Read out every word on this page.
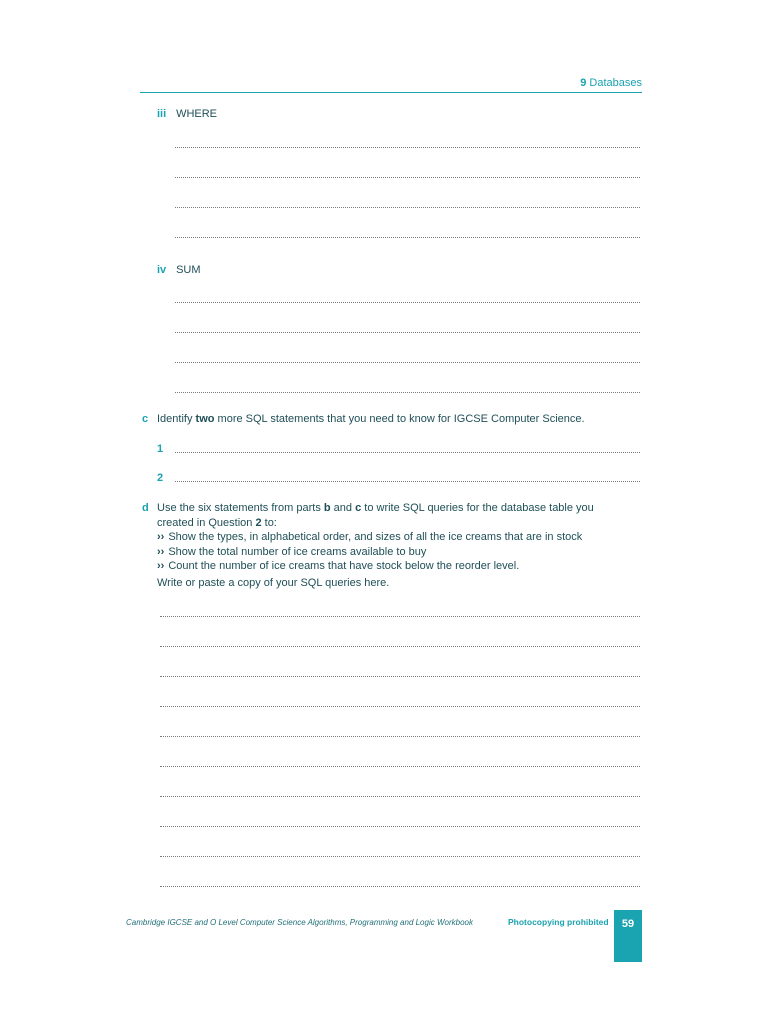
9 Databases
iii WHERE
iv SUM
c Identify two more SQL statements that you need to know for IGCSE Computer Science.
1
2
d Use the six statements from parts b and c to write SQL queries for the database table you
created in Question 2 to:
›› Show the types, in alphabetical order, and sizes of all the ice creams that are in stock
›› Show the total number of ice creams available to buy
›› Count the number of ice creams that have stock below the reorder level.
Write or paste a copy of your SQL queries here.
Cambridge IGCSE and O Level Computer Science Algorithms, Programming and Logic Workbook	Photocopying prohibited	59
